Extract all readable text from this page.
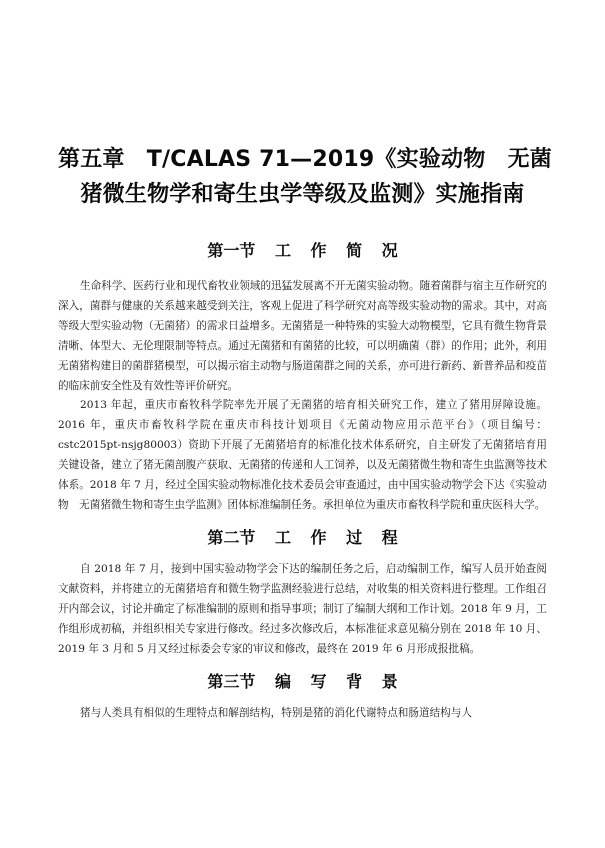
第五章　T/CALAS 71—2019《实验动物　无菌
猪微生物学和寄生虫学等级及监测》实施指南
第一节 工 作 简 况

生命科学、医药行业和现代畜牧业领域的迅猛发展离不开无菌实验动物。随着菌群与宿主互作研究的深入，菌群与健康的关系越来越受到关注，客观上促进了科学研究对高等级实验动物的需求。其中，对高等级大型实验动物（无菌猪）的需求日益增多。无菌猪是一种特殊的实验大动物模型，它具有微生物背景清晰、体型大、无伦理限制等特点。通过无菌猪和有菌猪的比较，可以明确菌（群）的作用；此外，利用无菌猪构建目的菌群猪模型，可以揭示宿主动物与肠道菌群之间的关系，亦可进行新药、新普养品和疫苗的临床前安全性及有效性等评价研究。

2013 年起，重庆市畜牧科学院率先开展了无菌猪的培育相关研究工作，建立了猪用屏障设施。2016 年，重庆市畜牧科学院在重庆市科技计划项目《无菌动物应用示范平台》（项目编号：cstc2015pt-nsjg80003）资助下开展了无菌猪培育的标准化技术体系研究，自主研发了无菌猪培育用关键设备，建立了猪无菌剖腹产获取、无菌猪的传递和人工饲养，以及无菌猪微生物和寄生虫监测等技术体系。2018 年 7 月，经过全国实验动物标准化技术委员会审查通过，由中国实验动物学会下达《实验动物　无菌猪微生物和寄生虫学监测》团体标准编制任务。承担单位为重庆市畜牧科学院和重庆医科大学。

第二节 工 作 过 程

自 2018 年 7 月，接到中国实验动物学会下达的编制任务之后，启动编制工作，编写人员开始查阅文献资料，并将建立的无菌猪培育和微生物学监测经验进行总结，对收集的相关资料进行整理。工作组召开内部会议，讨论并确定了标准编制的原则和指导事项；制订了编制大纲和工作计划。2018 年 9 月，工作组形成初稿，并组织相关专家进行修改。经过多次修改后，本标准征求意见稿分别在 2018 年 10 月、2019 年 3 月和 5 月又经过标委会专家的审议和修改，最终在 2019 年 6 月形成报批稿。

第三节 编 写 背 景

猪与人类具有相似的生理特点和解剖结构，特别是猪的消化代谢特点和肠道结构与人
